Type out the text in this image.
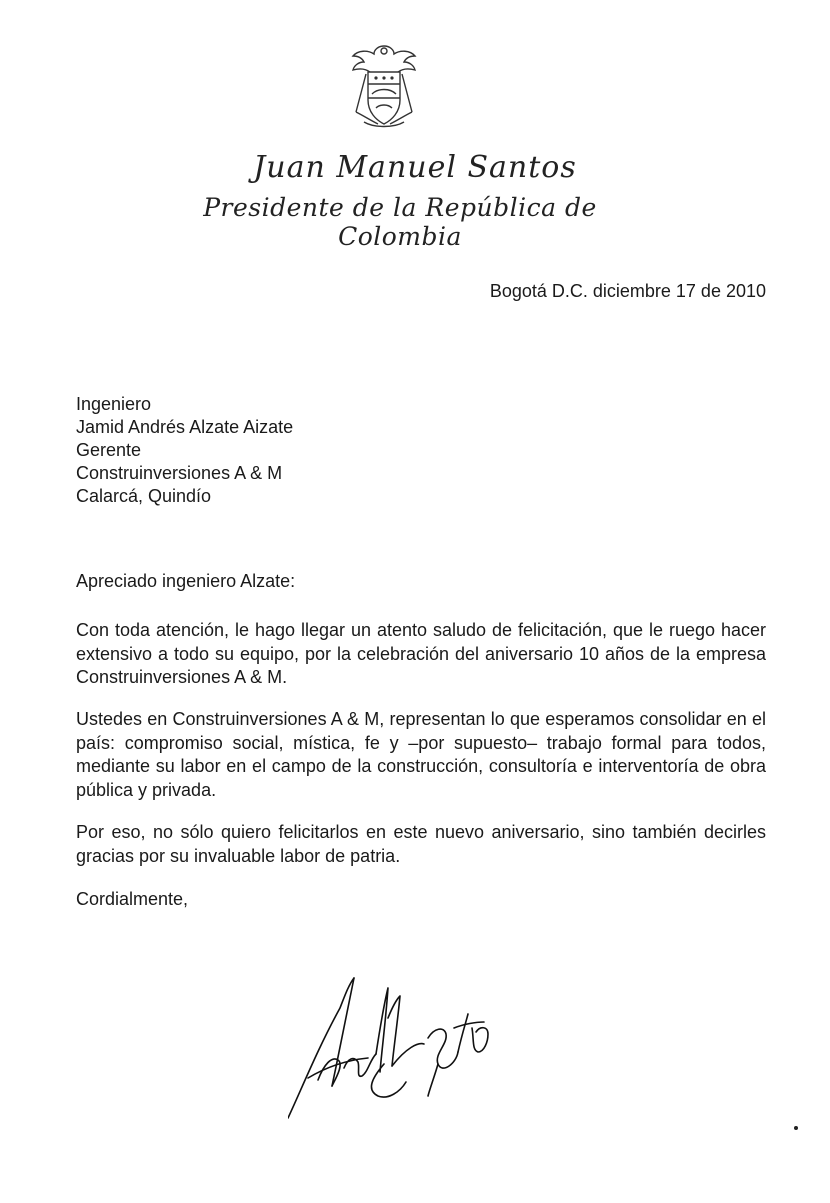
Juan Manuel Santos
Presidente de la República de Colombia
Bogotá D.C. diciembre 17 de 2010
Ingeniero
Jamid Andrés Alzate Aizate
Gerente
Construinversiones A & M
Calarcá, Quindío
Apreciado ingeniero Alzate:

Con toda atención, le hago llegar un atento saludo de felicitación, que le ruego hacer extensivo a todo su equipo, por la celebración del aniversario 10 años de la empresa Construinversiones A & M.

Ustedes en Construinversiones A & M, representan lo que esperamos consolidar en el país: compromiso social, mística, fe y –por supuesto– trabajo formal para todos, mediante su labor en el campo de la construcción, consultoría e interventoría de obra pública y privada.

Por eso, no sólo quiero felicitarlos en este nuevo aniversario, sino también decirles gracias por su invaluable labor de patria.

Cordialmente,
